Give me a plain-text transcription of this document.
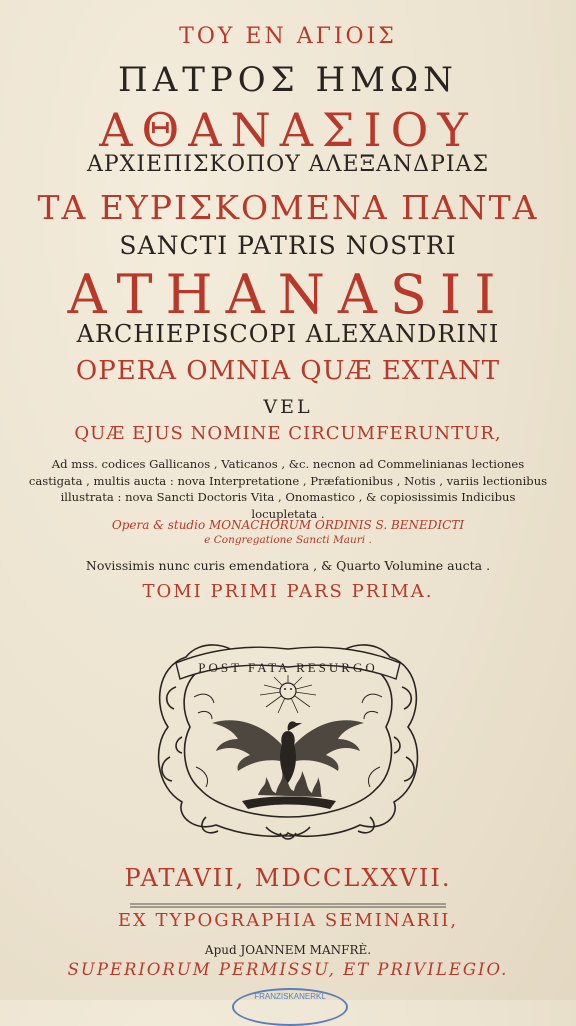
ΤΟΥ ΕΝ ΑΓΙΟΙΣ
ΠΑΤΡΟΣ ΗΜΩΝ
ΑΘΑΝΑΣΙΟΥ
ΑΡΧΙΕΠΙΣΚΟΠΟΥ ΑΛΕΞΑΝΔΡΙΑΣ
ΤΑ ΕΥΡΙΣΚΟΜΕΝΑ ΠΑΝΤΑ
SANCTI PATRIS NOSTRI
ATHANASII
ARCHIEPISCOPI ALEXANDRINI
OPERA OMNIA QUÆ EXTANT
VEL
QUÆ EJUS NOMINE CIRCUMFERUNTUR,
Ad mss. codices Gallicanos , Vaticanos , &c. necnon ad Commelinianas lectiones castigata , multis aucta : nova Interpretatione , Præfationibus , Notis , variis lectionibus illustrata : nova Sancti Doctoris Vita , Onomastico , & copiosissimis Indicibus locupletata .
Opera & studio MONACHORUM ORDINIS S. BENEDICTI
e Congregatione Sancti Mauri .
Novissimis nunc curis emendatiora , & Quarto Volumine aucta .
TOMI PRIMI PARS PRIMA.
POST FATA RESURGO
PATAVII, MDCCLXXVII.
EX TYPOGRAPHIA SEMINARII,
Apud JOANNEM MANFRÈ.
SUPERIORUM PERMISSU, ET PRIVILEGIO.
FRANZISKANERKL
